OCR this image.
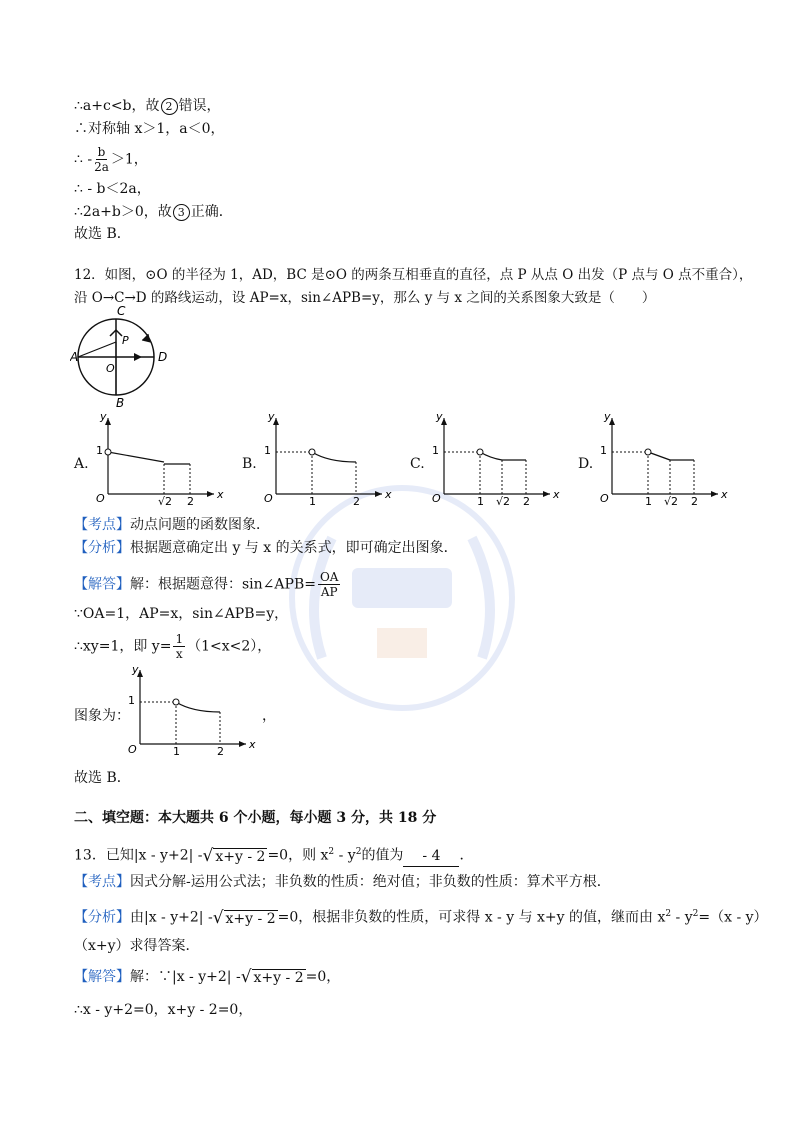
∴a+c<b，故 2 错误，
∴对称轴 x＞1，a＜0，
∴ - $\frac{b}{2a} >1$，
∴ - b＜2a，
∴2a+b＞0，故 3 正确．
故选 B．
12．如图，⊙O 的半径为 1，AD，BC 是⊙O 的两条互相垂直的直径，点 P 从点 O 出发（P 点与 O 点不重合），
沿 O→C→D 的路线运动，设 AP=x，sin∠APB=y，那么 y 与 x 之间的关系图象大致是（　　）
A	D
C
B
P
O
A.
y
x
1
O	√2 2
B.
y
x
1
O	1	2
C.
y
x
1
O	1 √2 2
D.
y
x
1
O	1 √2 2
【考点】动点问题的函数图象．
【分析】根据题意确定出 y 与 x 的关系式，即可确定出图象．
【解答】解：根据题意得：sin∠APB= $\frac{OA}{AP}$
∵OA=1，AP=x，sin∠APB=y，
∴xy=1，即 $y= \frac{1}{x} (1<x<2)$，
图象为：
y
x
1
O	1	2
，
故选 B．
二、填空题：本大题共 6 个小题，每小题 3 分，共 18 分
13．已知|x - y+2| - √ x+y - 2 =0，则 $x^2 - y^2$的值为 - 4 ．
【考点】因式分解-运用公式法；非负数的性质：绝对值；非负数的性质：算术平方根．
【分析】由|x - y+2| - √ x+y - 2 =0，根据非负数的性质，可求得 x - y 与 x+y 的值，继而由 $x^2 - y^2=(x - y)$
（x+y）求得答案．
【解答】解：∵|x - y+2| - √ x+y - 2 =0，
∴x - y+2=0，x+y - 2=0，
